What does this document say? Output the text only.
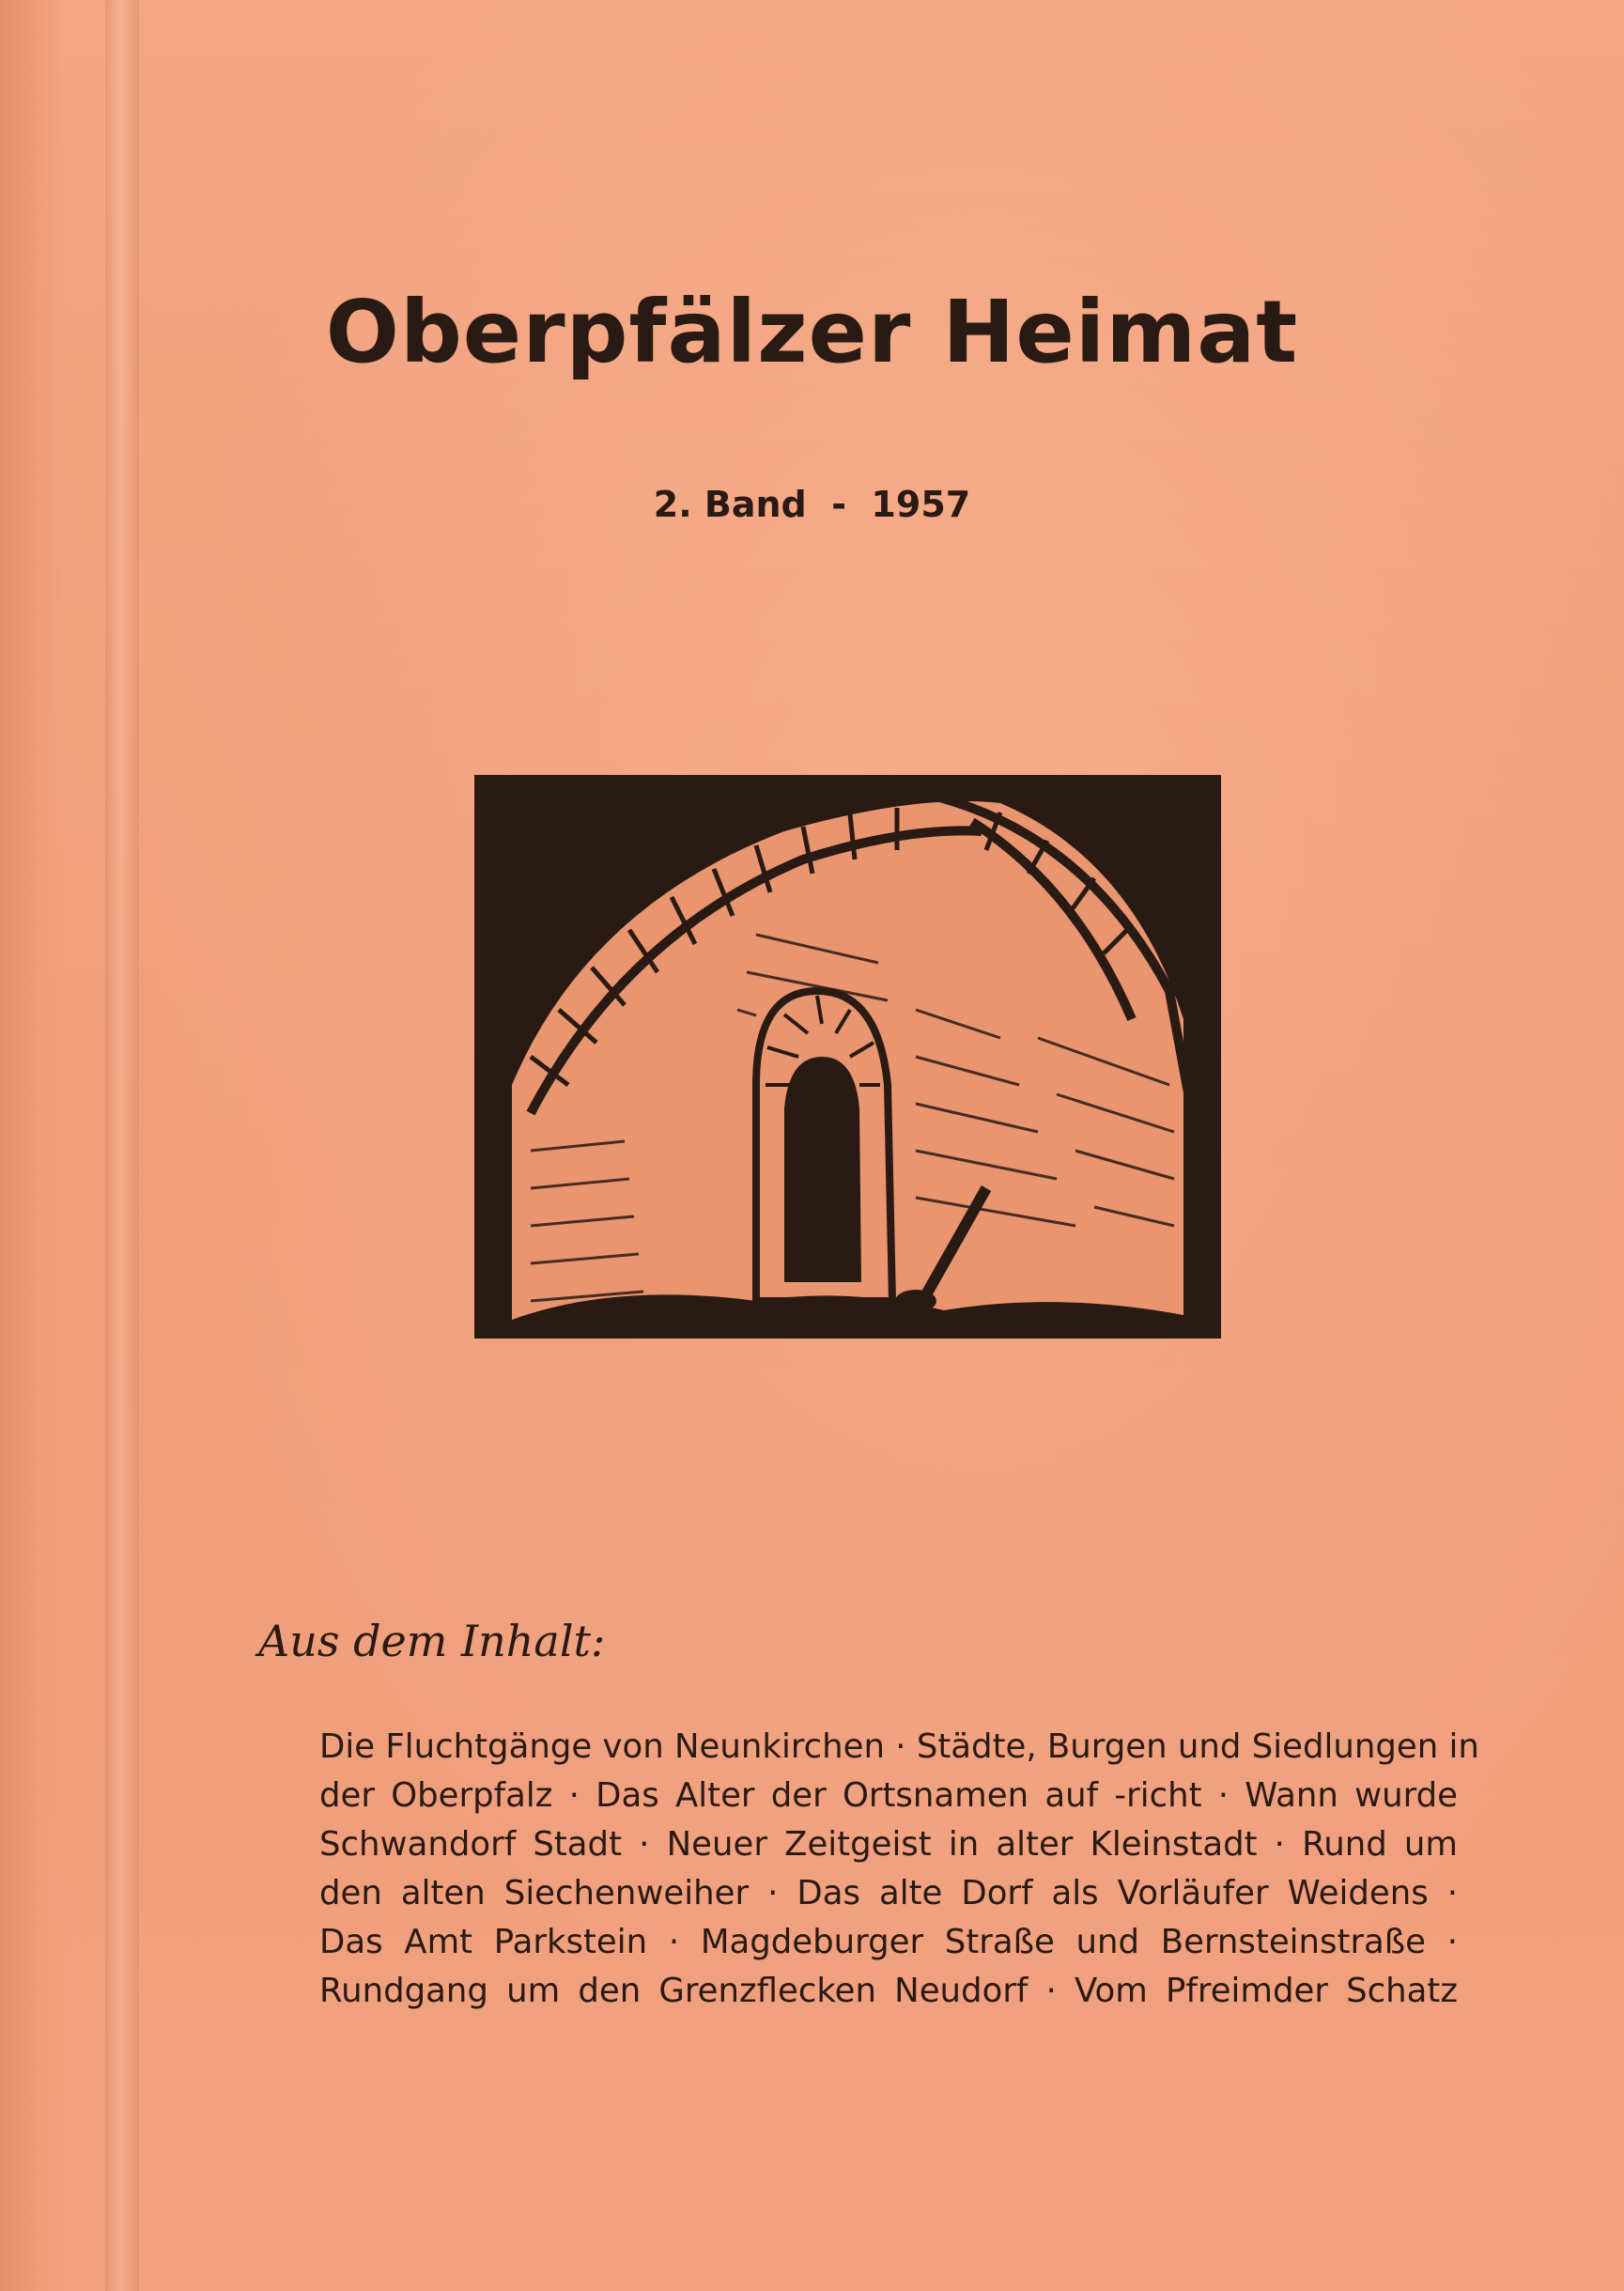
Oberpfälzer Heimat
2. Band  -  1957
Aus dem Inhalt:
Die Fluchtgänge von Neunkirchen · Städte, Burgen und Siedlungen in
der Oberpfalz · Das Alter der Ortsnamen auf -richt · Wann wurde
Schwandorf Stadt · Neuer Zeitgeist in alter Kleinstadt · Rund um
den alten Siechenweiher · Das alte Dorf als Vorläufer Weidens ·
Das Amt Parkstein · Magdeburger Straße und Bernsteinstraße ·
Rundgang um den Grenzflecken Neudorf · Vom Pfreimder Schatz
